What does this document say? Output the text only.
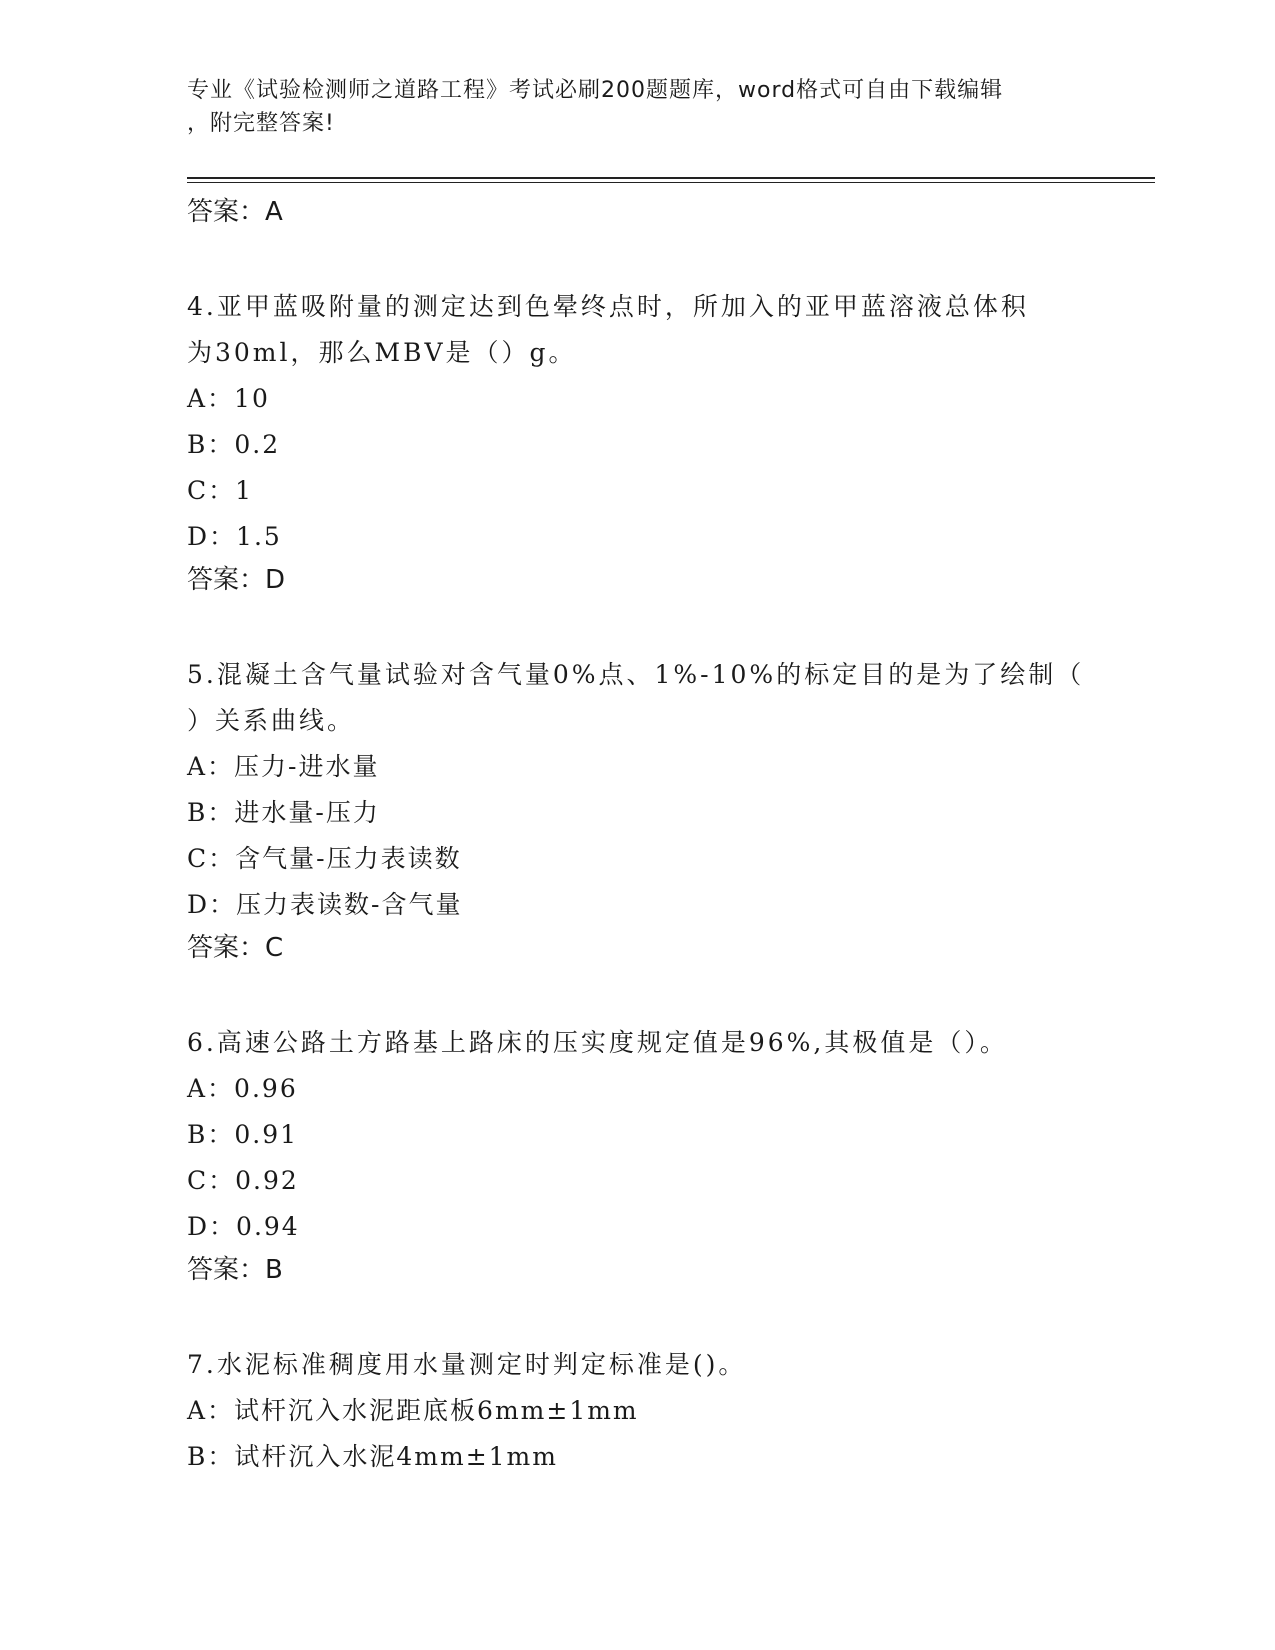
专业《试验检测师之道路工程》考试必刷200题题库，word格式可自由下载编辑
，附完整答案!
答案：A
4.亚甲蓝吸附量的测定达到色晕终点时，所加入的亚甲蓝溶液总体积
为30ml，那么MBV是（）g。
A：10
B：0.2
C：1
D：1.5
答案：D
5.混凝土含气量试验对含气量0%点、1%-10%的标定目的是为了绘制（
）关系曲线。
A：压力-进水量
B：进水量-压力
C：含气量-压力表读数
D：压力表读数-含气量
答案：C
6.高速公路土方路基上路床的压实度规定值是96%,其极值是（）。
A：0.96
B：0.91
C：0.92
D：0.94
答案：B
7.水泥标准稠度用水量测定时判定标准是()。
A：试杆沉入水泥距底板6mm±1mm
B：试杆沉入水泥4mm±1mm
